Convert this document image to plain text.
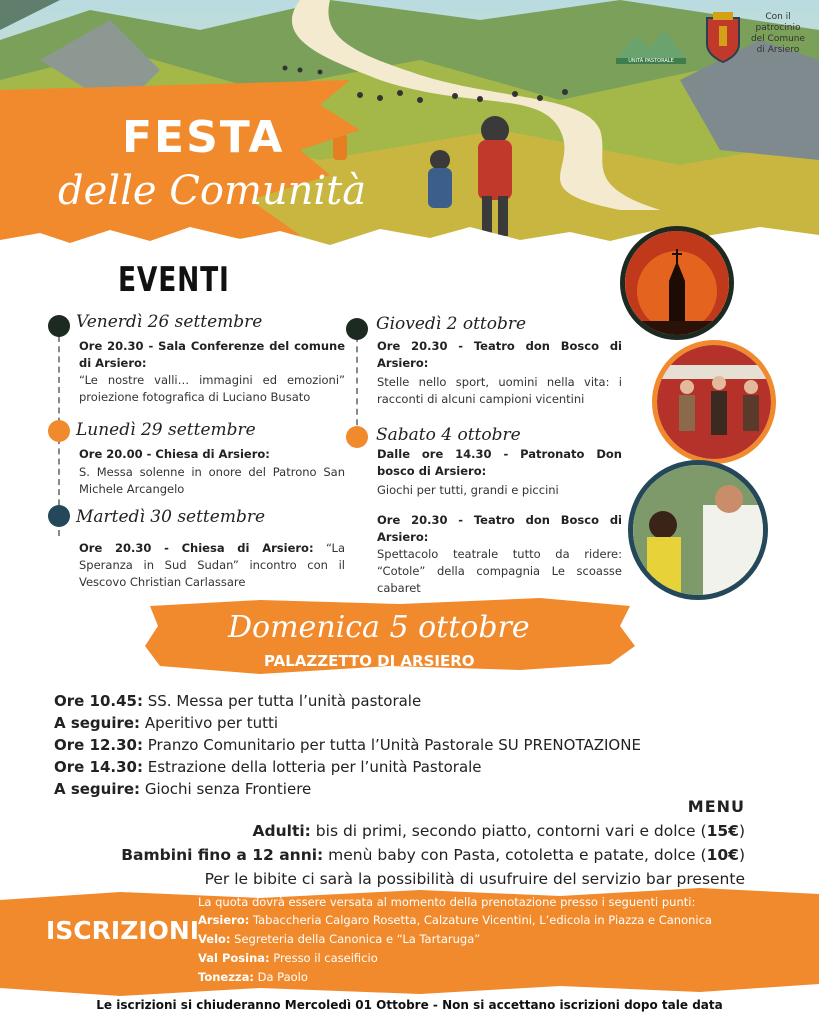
FESTA
delle Comunità
UNITÀ PASTORALE
Con il patrocinio del Comune di Arsiero
EVENTI
Venerdì 26 settembre
Ore 20.30 - Sala Conferenze del comune di Arsiero:
“Le nostre valli… immagini ed emozioni” proiezione fotografica di Luciano Busato
Lunedì 29 settembre
Ore 20.00 - Chiesa di Arsiero:
S. Messa solenne in onore del Patrono San Michele Arcangelo
Martedì 30 settembre
Ore 20.30 - Chiesa di Arsiero: “La Speranza in Sud Sudan” incontro con il Vescovo Christian Carlassare
Giovedì 2 ottobre
Ore 20.30 - Teatro don Bosco di Arsiero:
Stelle nello sport, uomini nella vita: i racconti di alcuni campioni vicentini
Sabato 4 ottobre
Dalle ore 14.30 - Patronato Don bosco di Arsiero:
Giochi per tutti, grandi e piccini
Ore 20.30 - Teatro don Bosco di Arsiero:
Spettacolo teatrale tutto da ridere: “Cotole” della compagnia Le scoasse cabaret
Domenica 5 ottobre
PALAZZETTO DI ARSIERO
Ore 10.45: SS. Messa per tutta l’unità pastorale
A seguire: Aperitivo per tutti
Ore 12.30: Pranzo Comunitario per tutta l’Unità Pastorale SU PRENOTAZIONE
Ore 14.30: Estrazione della lotteria per l’unità Pastorale
A seguire: Giochi senza Frontiere
MENU
Adulti: bis di primi, secondo piatto, contorni vari e dolce (15€)
Bambini fino a 12 anni: menù baby con Pasta, cotoletta e patate, dolce (10€)
Per le bibite ci sarà la possibilità di usufruire del servizio bar presente
ISCRIZIONI
La quota dovrà essere versata al momento della prenotazione presso i seguenti punti:
Arsiero: Tabaccheria Calgaro Rosetta, Calzature Vicentini, L’edicola in Piazza e Canonica
Velo: Segreteria della Canonica e “La Tartaruga”
Val Posina: Presso il caseificio
Tonezza: Da Paolo
Le iscrizioni si chiuderanno Mercoledì 01 Ottobre - Non si accettano iscrizioni dopo tale data
